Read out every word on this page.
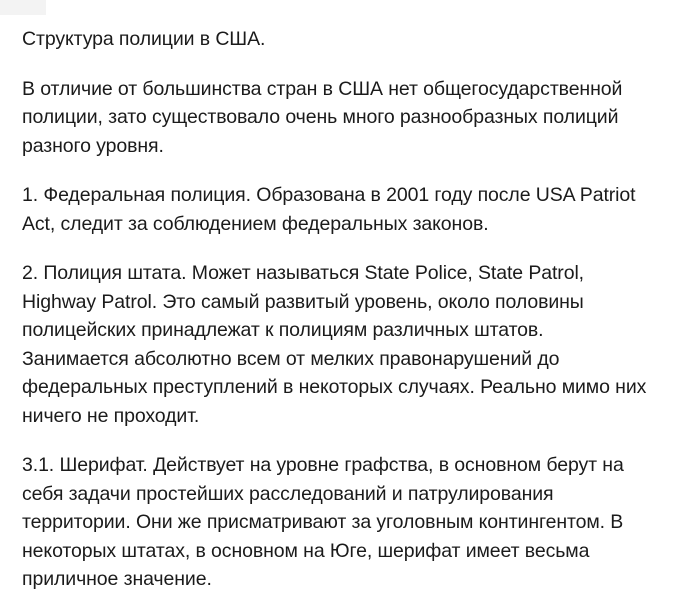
Структура полиции в США.
В отличие от большинства стран в США нет общегосударственной
полиции, зато существовало очень много разнообразных полиций
разного уровня.
1. Федеральная полиция. Образована в 2001 году после USA Patriot
Act, следит за соблюдением федеральных законов.
2. Полиция штата. Может называться State Police, State Patrol,
Highway Patrol. Это самый развитый уровень, около половины
полицейских принадлежат к полициям различных штатов.
Занимается абсолютно всем от мелких правонарушений до
федеральных преступлений в некоторых случаях. Реально мимо них
ничего не проходит.
3.1. Шерифат. Действует на уровне графства, в основном берут на
себя задачи простейших расследований и патрулирования
территории. Они же присматривают за уголовным контингентом. В
некоторых штатах, в основном на Юге, шерифат имеет весьма
приличное значение.
